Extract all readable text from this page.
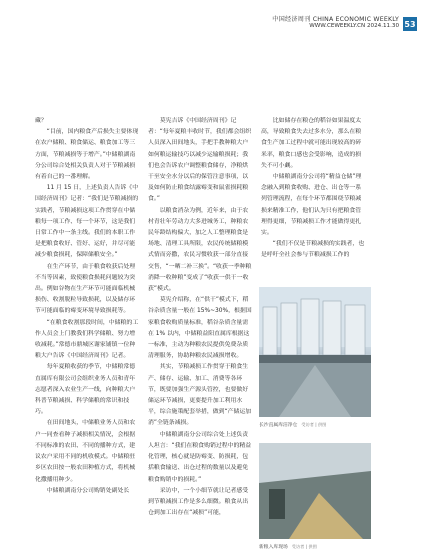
中国经济周刊 CHINA ECONOMIC WEEKLY
WWW.CEWEEKLY.CN 2024.11.30 53

藏？

“目前，国内粮食产后损失主要体现在农户储粮、粮食储运、粮食加工等三方面，节粮减损等于增产。”中储粮湖南分公司综合处相关负责人对于节粮减损有着自己的一番理解。

11 月 15 日，上述负责人告诉《中国经济周刊》记者：“我们是节粮减损的实践者，节粮减损这项工作贯穿在中储粮每一项工作、每一个环节，这是我们日常工作中一条主线。我们的本职工作是把粮食收好、管好、运好，并尽可能减少粮食损耗，保障储粮安全。”

在生产环节，由于粮食收获后处理不当等因素，致使粮食损耗问题较为突出。例如谷物在生产环节可能面临机械损伤、收割脱粒导致损耗，以及储存环节可能面临的霉变环境导致损耗等。

“在粮食收割那段时间，中储粮的工作人员会上门教我们科学储粮、努力增收减耗。”常德市鼎城区谢家铺镇一位种粮大户告诉《中国经济周刊》记者。

每年夏粮收获的季节，中储粮常德直属库有限公司会组织业务人员和青年志愿者深入农业生产一线，向种粮大户科普节粮减损、科学储粮的常识和技巧。

在田间地头，中储粮业务人员和农户一同查看种子减损相关情况，会根据不同标准的农田、不同的播种方式，建议农户采用不同的机收模式。中储粮驻乡区农田按一般农田种植方式，将机械化撒播用种少。

中储粮湖南分公司购销处副处长

莫宪吉诉《中国经济周刊》记者：“每年夏粮丰收时节，我们都会组织人员深入田间地头，手把手教种粮大户如何粮运输技巧以减少运输粮损耗；我们也会告诉农户调整粮食储存，净粮烘干至安全水分以后的保管注意事项，以及如何防止粮食结露霉变和鼠雀损耗粮食。”

以粮食消杂为例，近年来，由于农村青壮年劳动力大多进城务工，种粮农民年龄结构偏大，加之人工整理粮食是场地、清理工具所限，农民传统储粮模式情而旁撒，农民习惯收获一部分直接交售，“一晒二补三换”。“收获一季种粮消降一收种粮”变成了“收获一供干一收获”模式。

莫宪介绍称，在“供干”模式下，稻谷杂质含量一般在 15%~30%，根据国家粮食收购质量标准，稻谷杂质含量需在 1% 以内，中储粮益阳直属库根据这一标准，主动为种粮农民提供免费杂质清理服务，协助种粮农民减损增收。

其实，节粮减损工作贯穿于粮食生产、储存、运输、加工、消费等各环节，既要加强生产源头管控，也要做好储运环节减损，更要提升加工利用水平，综合施策配套举措，做到“产储运加消”全链条减损。

中储粮湖南分公司综合处上述负责人坦言：“我们在粮食购销过程中的精益化管理，核心就是防霉变、防损耗，包括粮食输送、出仓过程的数量以及避免粮食购销中的损耗。”

采访中，一个小细节就让记者感受到节粮减损工作是多么细微。粮食从出仓到加工出存在“减损”可能，

比如储存在粮仓的稻谷如果温度太高，导致粮食失去过多水分，那么在粮食生产加工过程中就可能出现较高的碎米率，粮食口感也会受影响，造成的损失不可小觑。

中储粮湖南分公司将“精益仓储”理念融入到粮食收购、进仓、出仓等一系列管理流程，在每个环节都围绕节粮减损来精准工作，他们认为只有把粮食管理得更细，节粮减损工作才能做得更扎实。

“我们不仅是节粮减损的实践者，也是呼吁全社会参与节粮减损工作的

长沙直属库洁净仓 受访者 | 供图
新粮入库现场 受访者 | 供图
